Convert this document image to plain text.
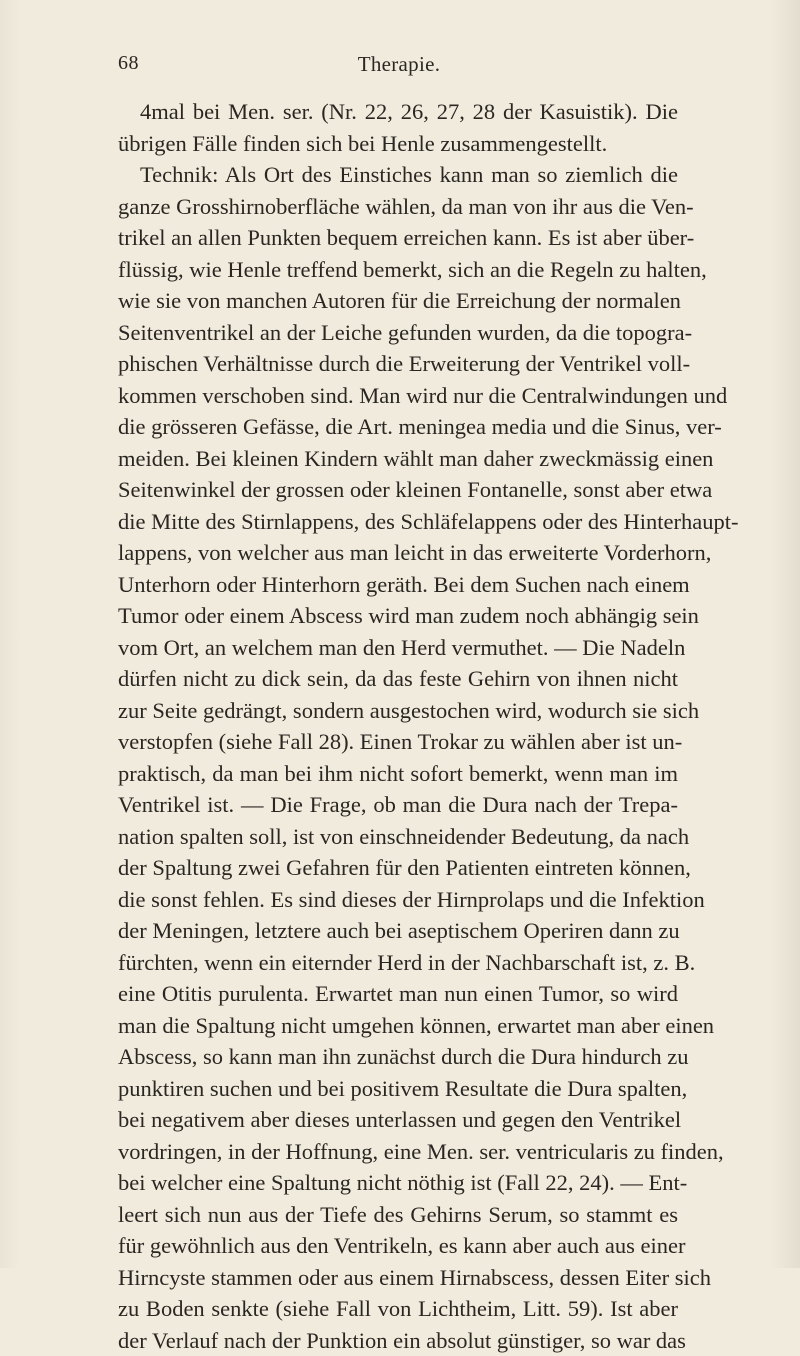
68	Therapie.
4mal bei Men. ser. (Nr. 22, 26, 27, 28 der Kasuistik). Die
übrigen Fälle finden sich bei Henle zusammengestellt.
Technik: Als Ort des Einstiches kann man so ziemlich die
ganze Grosshirnoberfläche wählen, da man von ihr aus die Ven-
trikel an allen Punkten bequem erreichen kann. Es ist aber über-
flüssig, wie Henle treffend bemerkt, sich an die Regeln zu halten,
wie sie von manchen Autoren für die Erreichung der normalen
Seitenventrikel an der Leiche gefunden wurden, da die topogra-
phischen Verhältnisse durch die Erweiterung der Ventrikel voll-
kommen verschoben sind. Man wird nur die Centralwindungen und
die grösseren Gefässe, die Art. meningea media und die Sinus, ver-
meiden. Bei kleinen Kindern wählt man daher zweckmässig einen
Seitenwinkel der grossen oder kleinen Fontanelle, sonst aber etwa
die Mitte des Stirnlappens, des Schläfelappens oder des Hinterhaupt-
lappens, von welcher aus man leicht in das erweiterte Vorderhorn,
Unterhorn oder Hinterhorn geräth. Bei dem Suchen nach einem
Tumor oder einem Abscess wird man zudem noch abhängig sein
vom Ort, an welchem man den Herd vermuthet. — Die Nadeln
dürfen nicht zu dick sein, da das feste Gehirn von ihnen nicht
zur Seite gedrängt, sondern ausgestochen wird, wodurch sie sich
verstopfen (siehe Fall 28). Einen Trokar zu wählen aber ist un-
praktisch, da man bei ihm nicht sofort bemerkt, wenn man im
Ventrikel ist. — Die Frage, ob man die Dura nach der Trepa-
nation spalten soll, ist von einschneidender Bedeutung, da nach
der Spaltung zwei Gefahren für den Patienten eintreten können,
die sonst fehlen. Es sind dieses der Hirnprolaps und die Infektion
der Meningen, letztere auch bei aseptischem Operiren dann zu
fürchten, wenn ein eiternder Herd in der Nachbarschaft ist, z. B.
eine Otitis purulenta. Erwartet man nun einen Tumor, so wird
man die Spaltung nicht umgehen können, erwartet man aber einen
Abscess, so kann man ihn zunächst durch die Dura hindurch zu
punktiren suchen und bei positivem Resultate die Dura spalten,
bei negativem aber dieses unterlassen und gegen den Ventrikel
vordringen, in der Hoffnung, eine Men. ser. ventricularis zu finden,
bei welcher eine Spaltung nicht nöthig ist (Fall 22, 24). — Ent-
leert sich nun aus der Tiefe des Gehirns Serum, so stammt es
für gewöhnlich aus den Ventrikeln, es kann aber auch aus einer
Hirncyste stammen oder aus einem Hirnabscess, dessen Eiter sich
zu Boden senkte (siehe Fall von Lichtheim, Litt. 59). Ist aber
der Verlauf nach der Punktion ein absolut günstiger, so war das
